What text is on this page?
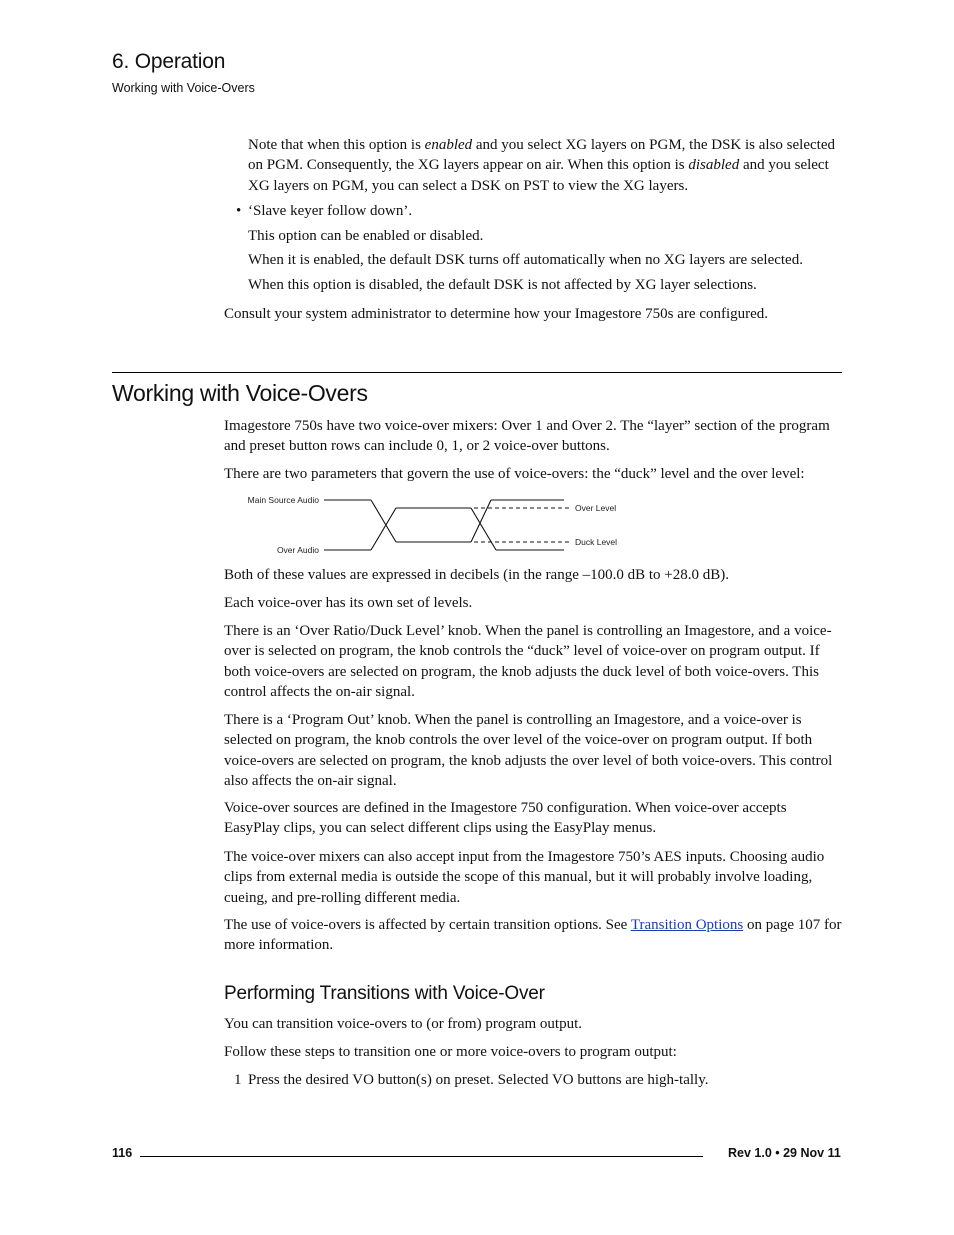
6. Operation
Working with Voice-Overs
Note that when this option is enabled and you select XG layers on PGM, the DSK is also selected on PGM. Consequently, the XG layers appear on air. When this option is disabled and you select XG layers on PGM, you can select a DSK on PST to view the XG layers.
• ‘Slave keyer follow down’.
This option can be enabled or disabled.
When it is enabled, the default DSK turns off automatically when no XG layers are selected.
When this option is disabled, the default DSK is not affected by XG layer selections.
Consult your system administrator to determine how your Imagestore 750s are configured.
Working with Voice-Overs
Imagestore 750s have two voice-over mixers: Over 1 and Over 2. The “layer” section of the program and preset button rows can include 0, 1, or 2 voice-over buttons.
There are two parameters that govern the use of voice-overs: the “duck” level and the over level:
Main Source Audio
Over Audio
Over Level
Duck Level
Both of these values are expressed in decibels (in the range –100.0 dB to +28.0 dB).
Each voice-over has its own set of levels.
There is an ‘Over Ratio/Duck Level’ knob. When the panel is controlling an Imagestore, and a voice-over is selected on program, the knob controls the “duck” level of voice-over on program output. If both voice-overs are selected on program, the knob adjusts the duck level of both voice-overs. This control affects the on-air signal.
There is a ‘Program Out’ knob. When the panel is controlling an Imagestore, and a voice-over is selected on program, the knob controls the over level of the voice-over on program output. If both voice-overs are selected on program, the knob adjusts the over level of both voice-overs. This control also affects the on-air signal.
Voice-over sources are defined in the Imagestore 750 configuration. When voice-over accepts EasyPlay clips, you can select different clips using the EasyPlay menus.
The voice-over mixers can also accept input from the Imagestore 750’s AES inputs. Choosing audio clips from external media is outside the scope of this manual, but it will probably involve loading, cueing, and pre-rolling different media.
The use of voice-overs is affected by certain transition options. See Transition Options on page 107 for more information.
Performing Transitions with Voice-Over
You can transition voice-overs to (or from) program output.
Follow these steps to transition one or more voice-overs to program output:
1 Press the desired VO button(s) on preset. Selected VO buttons are high-tally.
116	Rev 1.0 • 29 Nov 11
